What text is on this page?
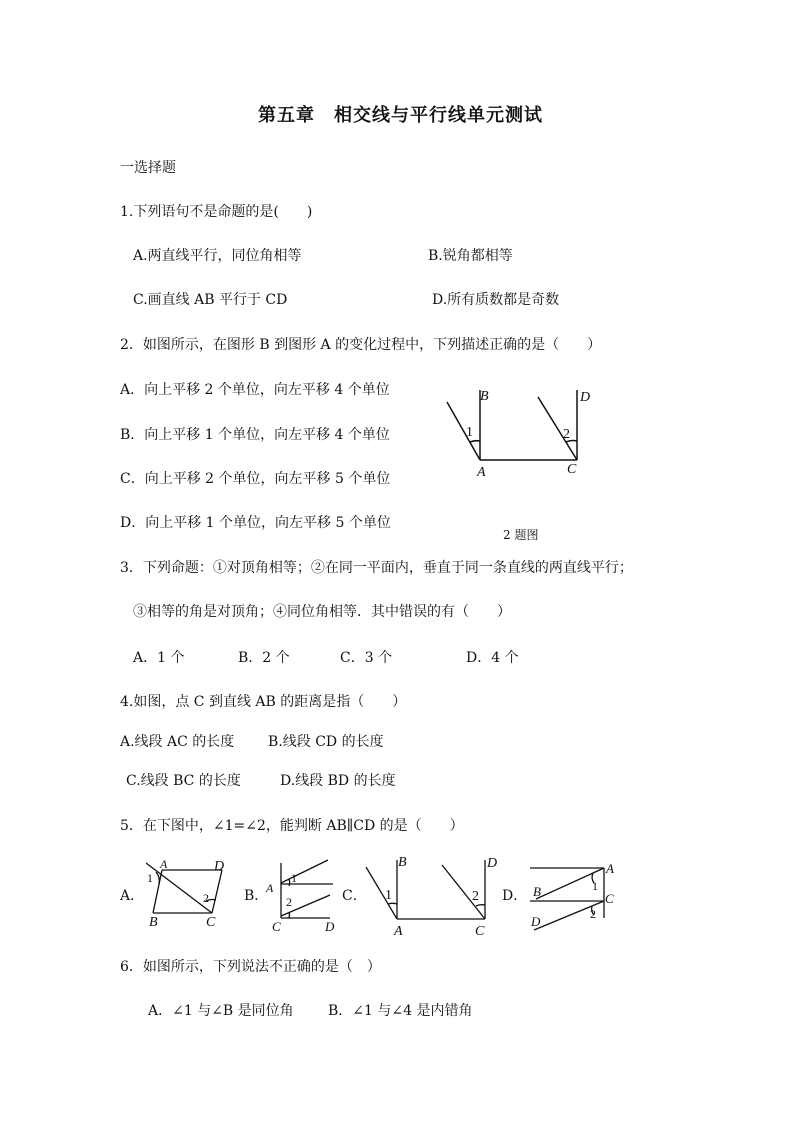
第五章　相交线与平行线单元测试
一选择题
1.下列语句不是命题的是(　　)
A.两直线平行，同位角相等	B.锐角都相等
C.画直线 AB 平行于 CD	D.所有质数都是奇数
2．如图所示，在图形 B 到图形 A 的变化过程中，下列描述正确的是（　　）
A．向上平移 2 个单位，向左平移 4 个单位
B．向上平移 1 个单位，向左平移 4 个单位
C．向上平移 2 个单位，向左平移 5 个单位
D．向上平移 1 个单位，向左平移 5 个单位
B	D
1	2
A	C
2 题图
3．下列命题：①对顶角相等；②在同一平面内，垂直于同一条直线的两直线平行；
③相等的角是对顶角；④同位角相等．其中错误的有（　　）
A．1 个	B．2 个	C．3 个	D．4 个
4.如图，点 C 到直线 AB 的距离是指（　　）
A.线段 AC 的长度 B.线段 CD 的长度
C.线段 BC 的长度	D.线段 BD 的长度
5．在下图中，∠1=∠2，能判断 AB∥CD 的是（　　）
A．	B．	C．	D．
A	D
1
2
B	C
A
1
2
C	D
B	D
1	2
A	C
A
B	1
C
2
D
6．如图所示，下列说法不正确的是（　）
A．∠1 与∠B 是同位角 B．∠1 与∠4 是内错角
